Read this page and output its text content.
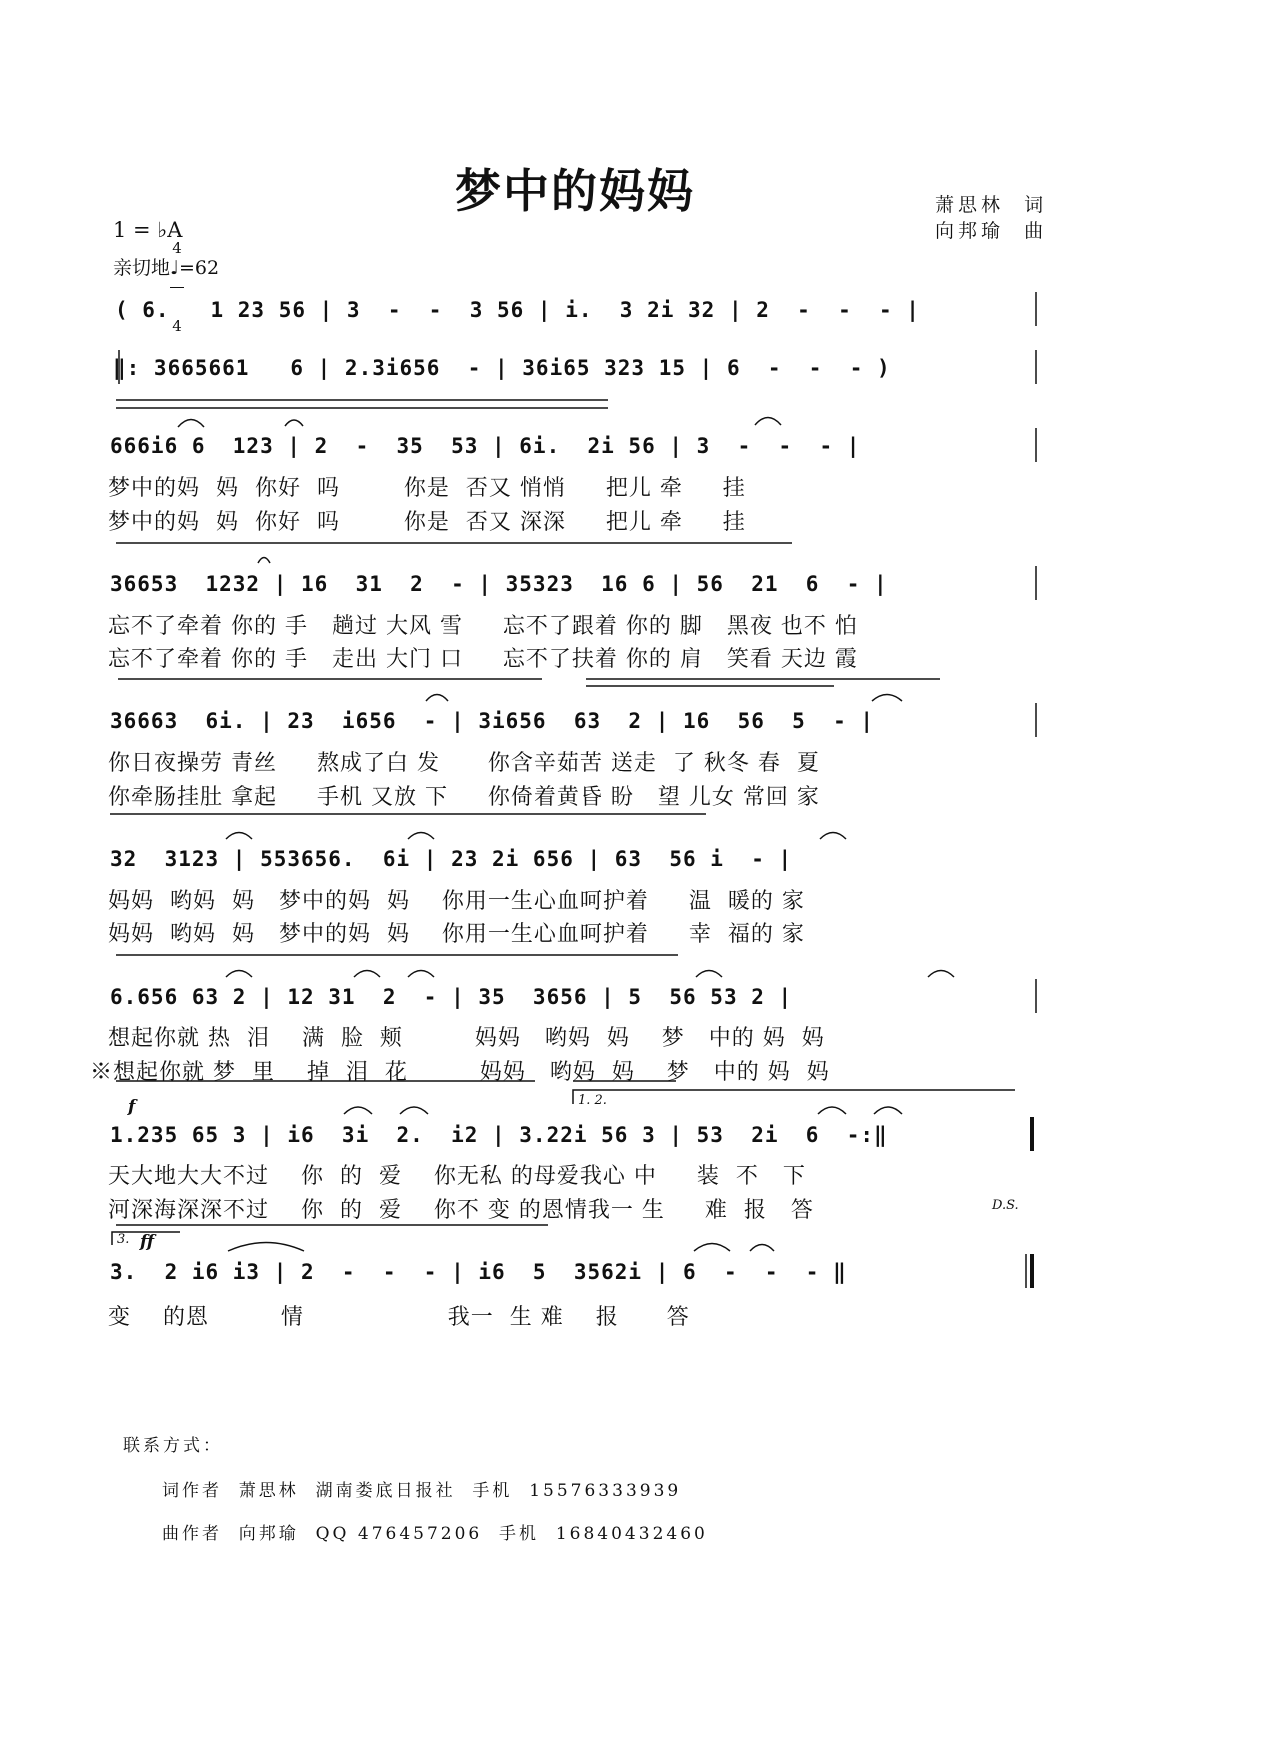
梦中的妈妈	萧思林  词
向邦瑜  曲
1 = ♭A

4

4

亲切地♩=62
( 6.   1 23 56 | 3  -  -  3 56 | i.  3 2i 32 | 2  -  -  - |
‖: 3665661   6 | 2.3i656  - | 36i65 323 15 | 6  -  -  - )
666i6 6  123 | 2  -  35  53 | 6i.  2i 56 | 3  -  -  - |
梦中的妈  妈  你好  吗        你是  否又 悄悄     把儿 牵     挂
梦中的妈  妈  你好  吗        你是  否又 深深     把儿 牵     挂
36653  1232 | 16  31  2  - | 35323  16 6 | 56  21  6  - |
忘不了牵着 你的 手   趟过 大风 雪     忘不了跟着 你的 脚   黑夜 也不 怕
忘不了牵着 你的 手   走出 大门 口     忘不了扶着 你的 肩   笑看 天边 霞
36663  6i. | 23  i656  - | 3i656  63  2 | 16  56  5  - |
你日夜操劳 青丝     熬成了白 发      你含辛茹苦 送走  了 秋冬 春  夏
你牵肠挂肚 拿起     手机 又放 下     你倚着黄昏 盼   望 儿女 常回 家
32  3123 | 553656.  6i | 23 2i 656 | 63  56 i  - |
妈妈  哟妈  妈   梦中的妈  妈    你用一生心血呵护着     温  暖的 家
妈妈  哟妈  妈   梦中的妈  妈    你用一生心血呵护着     幸  福的 家
6.656 63 2 | 12 31  2  - | 35  3656 | 5  56 53 2 |
想起你就 热  泪    满  脸  颊         妈妈   哟妈  妈    梦   中的 妈  妈
※想起你就 梦  里    掉  泪  花         妈妈   哟妈  妈    梦   中的 妈  妈
f	1. 2.
1.235 65 3 | i6  3i  2.  i2 | 3.22i 56 3 | 53  2i  6  -:‖
天大地大大不过    你  的  爱    你无私 的母爱我心 中     装  不   下
河深海深深不过    你  的  爱    你不 变 的恩情我一 生     难  报   答	D.S.
3. ff
3.  2 i6 i3 | 2  -  -  - | i6  5  3562i | 6  -  -  - ‖
变    的恩         情                  我一  生 难    报      答
联系方式：
词作者  萧思林  湖南娄底日报社  手机  15576333939
曲作者  向邦瑜  QQ 476457206  手机  16840432460
